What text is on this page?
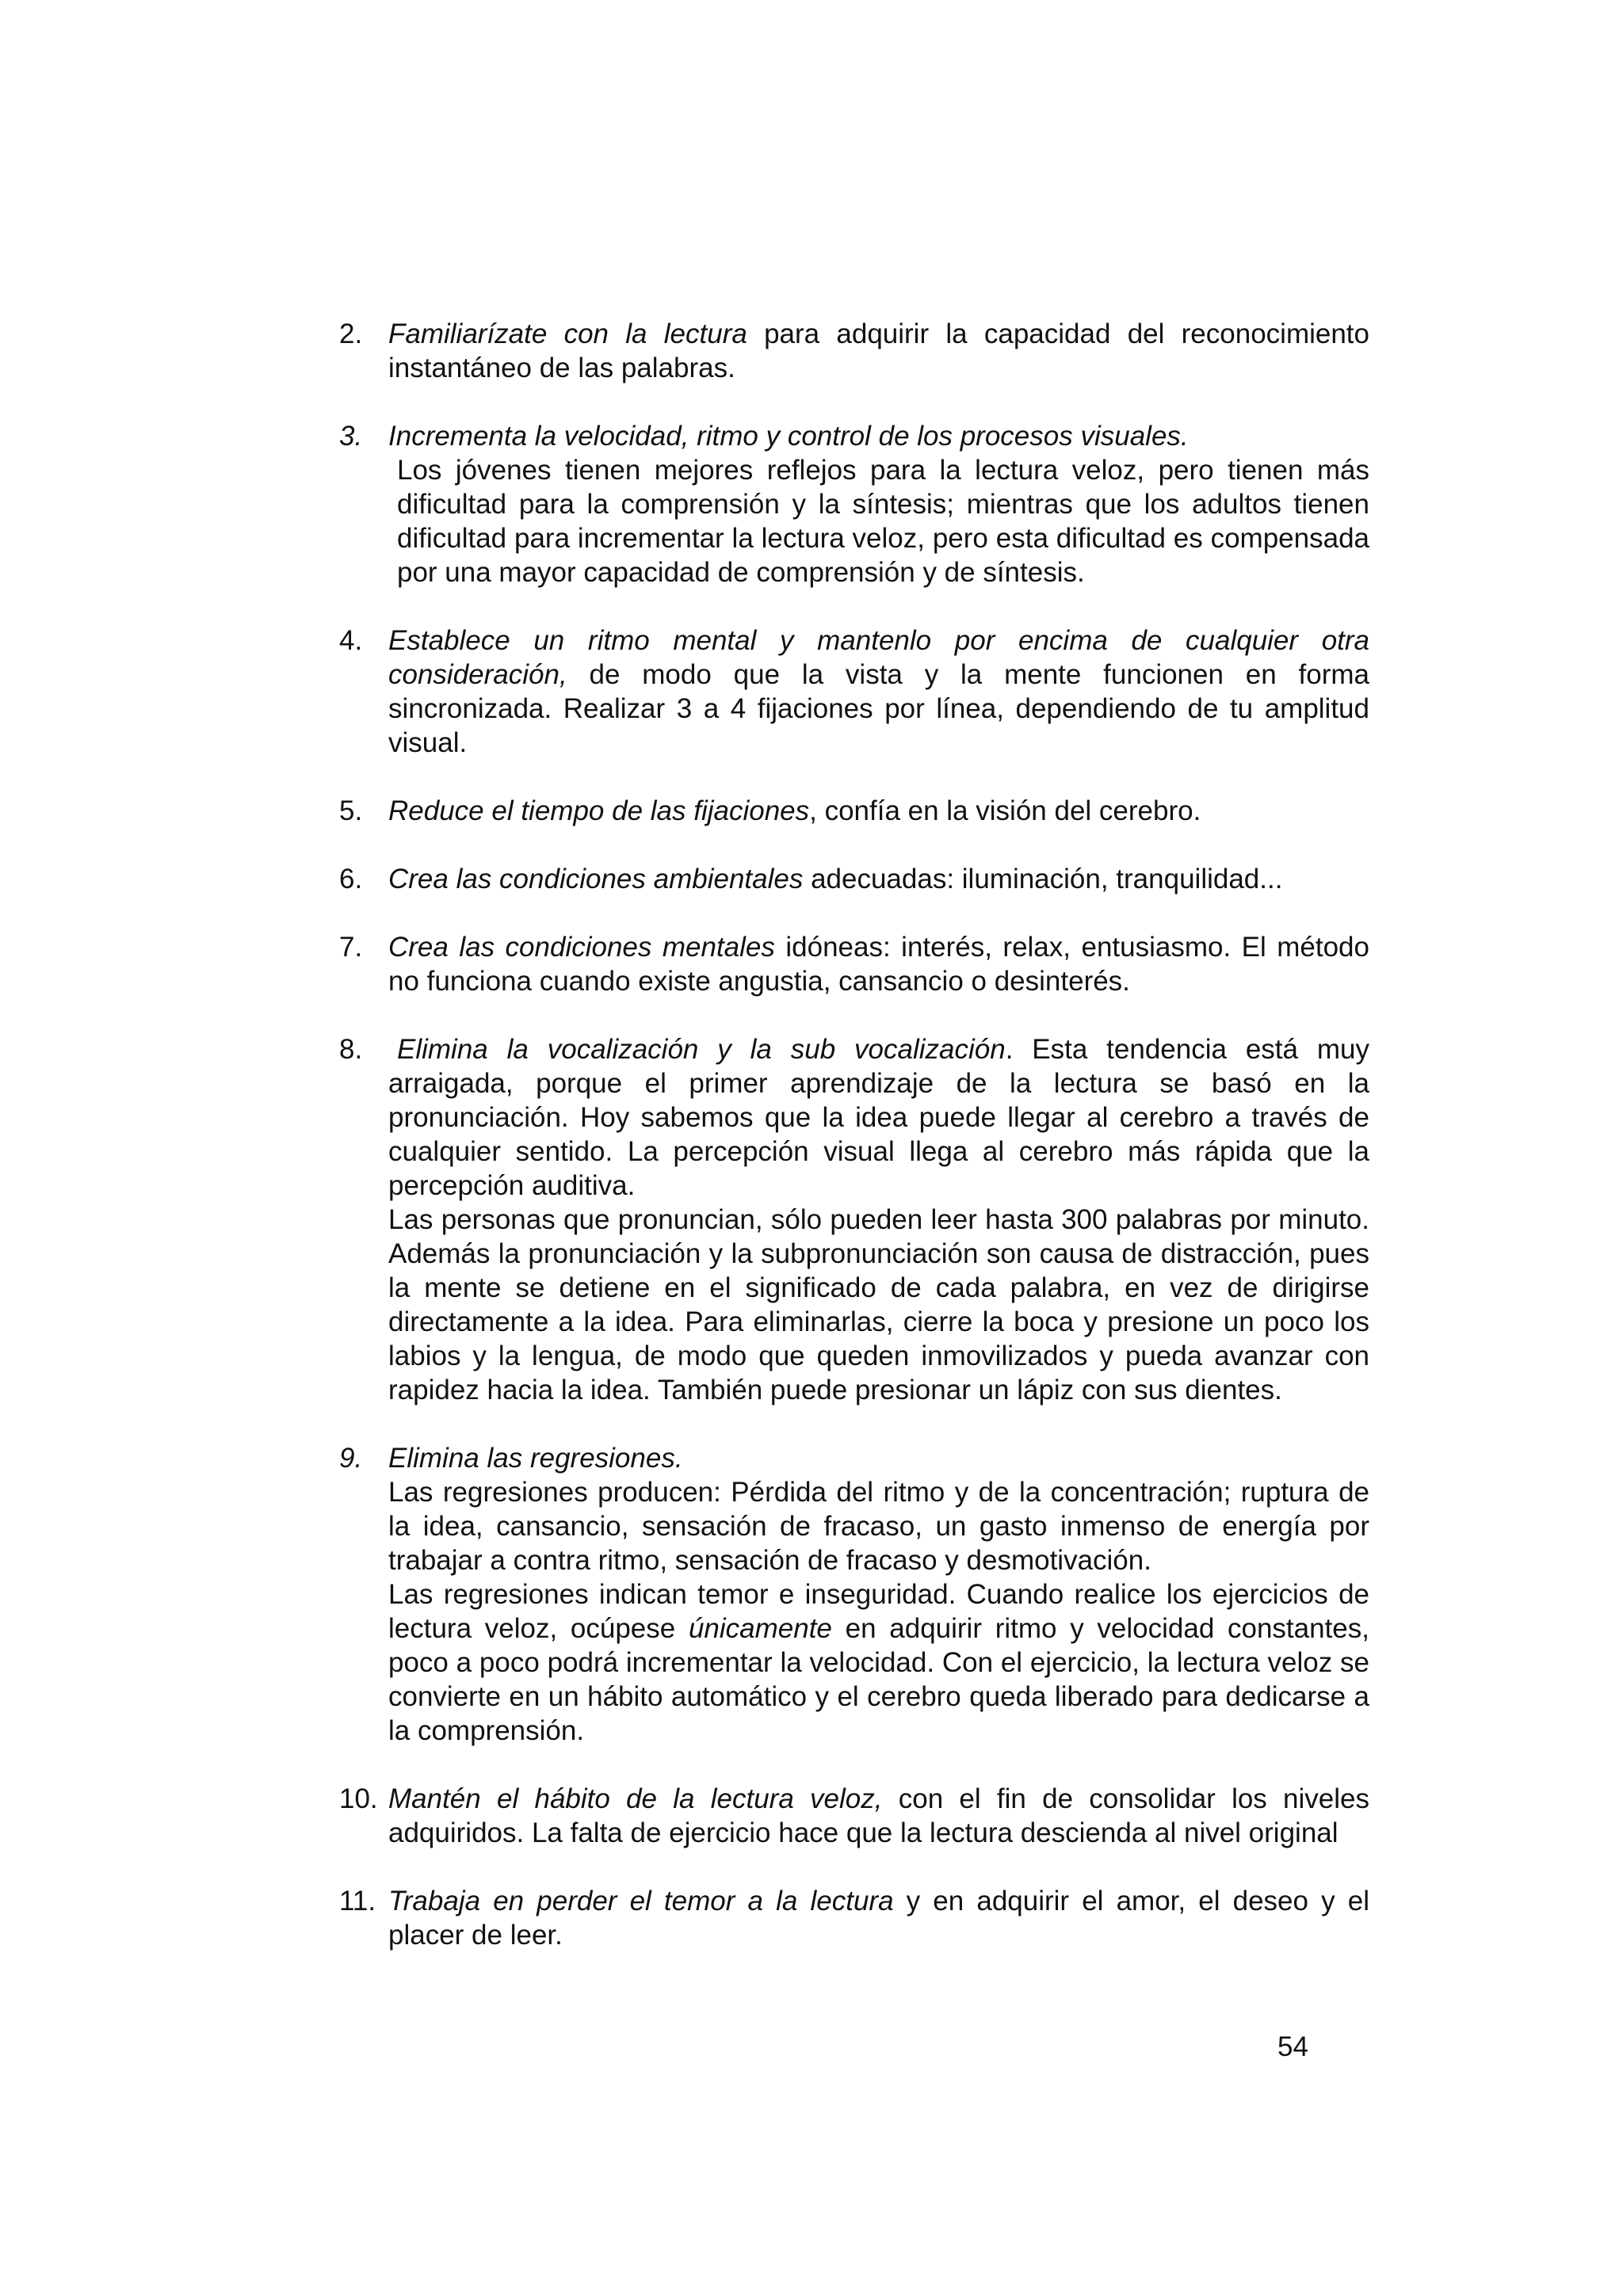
2. Familiarízate con la lectura para adquirir la capacidad del reconocimiento instantáneo de las palabras.
3. Incrementa la velocidad, ritmo y control de los procesos visuales.

Los jóvenes tienen mejores reflejos para la lectura veloz, pero tienen más dificultad para la comprensión y la síntesis; mientras que los adultos tienen dificultad para incrementar la lectura veloz, pero esta dificultad es compensada por una mayor capacidad de comprensión y de síntesis.

4. Establece un ritmo mental y mantenlo por encima de cualquier otra consideración, de modo que la vista y la mente funcionen en forma sincronizada. Realizar 3 a 4 fijaciones por línea, dependiendo de tu amplitud visual.
5. Reduce el tiempo de las fijaciones, confía en la visión del cerebro.
6. Crea las condiciones ambientales adecuadas: iluminación, tranquilidad...
7. Crea las condiciones mentales idóneas: interés, relax, entusiasmo. El método no funciona cuando existe angustia, cansancio o desinterés.
8.	Elimina la vocalización y la sub vocalización. Esta tendencia está muy arraigada, porque el primer aprendizaje de la lectura se basó en la pronunciación. Hoy sabemos que la idea puede llegar al cerebro a través de cualquier sentido. La percepción visual llega al cerebro más rápida que la percepción auditiva.

Las personas que pronuncian, sólo pueden leer hasta 300 palabras por minuto. Además la pronunciación y la subpronunciación son causa de distracción, pues la mente se detiene en el significado de cada palabra, en vez de dirigirse directamente a la idea. Para eliminarlas, cierre la boca y presione un poco los labios y la lengua, de modo que queden inmovilizados y pueda avanzar con rapidez hacia la idea. También puede presionar un lápiz con sus dientes.

9. Elimina las regresiones.

Las regresiones producen: Pérdida del ritmo y de la concentración; ruptura de la idea, cansancio, sensación de fracaso, un gasto inmenso de energía por trabajar a contra ritmo, sensación de fracaso y desmotivación.

Las regresiones indican temor e inseguridad. Cuando realice los ejercicios de lectura veloz, ocúpese únicamente en adquirir ritmo y velocidad constantes, poco a poco podrá incrementar la velocidad. Con el ejercicio, la lectura veloz se convierte en un hábito automático y el cerebro queda liberado para dedicarse a la comprensión.

10. Mantén el hábito de la lectura veloz, con el fin de consolidar los niveles adquiridos. La falta de ejercicio hace que la lectura descienda al nivel original
11. Trabaja en perder el temor a la lectura y en adquirir el amor, el deseo y el placer de leer.
54
